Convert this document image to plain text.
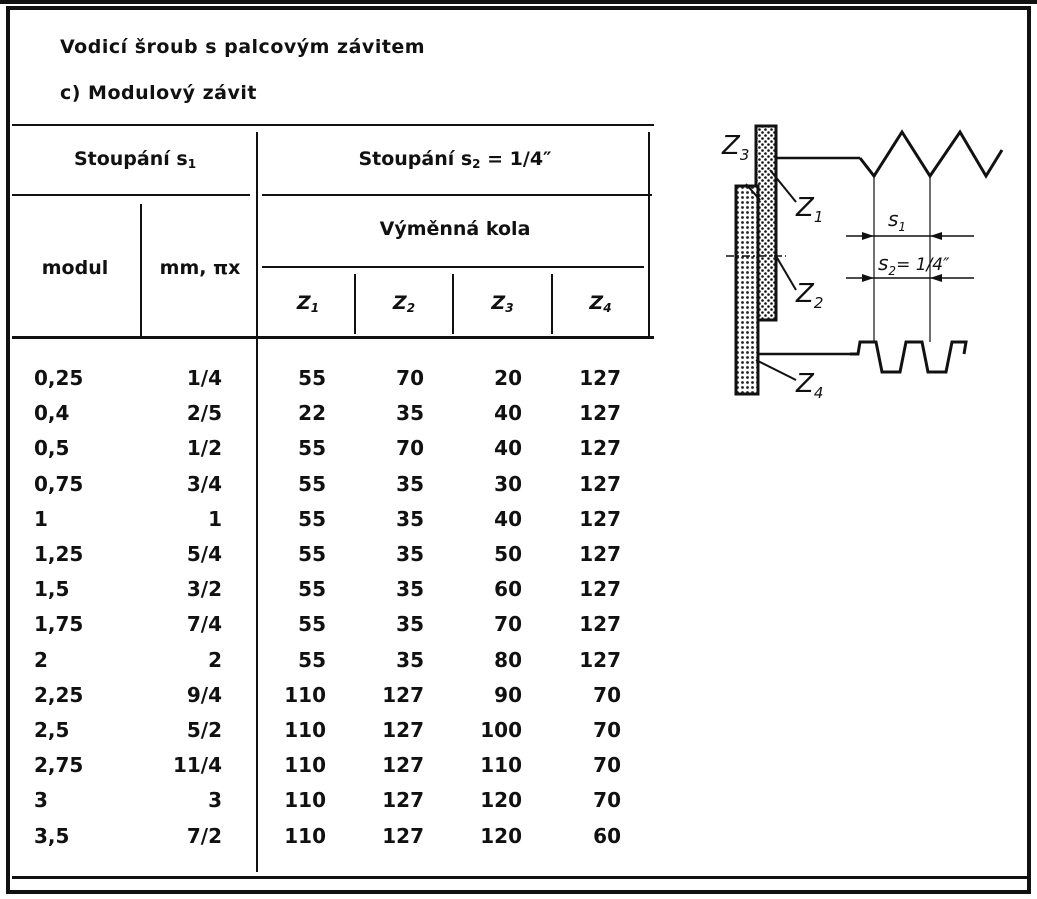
Vodicí šroub s palcovým závitem
c) Modulový závit
Stoupání $s_1$	Stoupání $s_2 = 1/4''$
modul	mm, πx
Výměnná kola
$Z_1$	$Z_2$	$Z_3$	$Z_4$
0,25	1/4	55	70	20	127
0,4	2/5	22	35	40	127
0,5	1/2	55	70	40	127
0,75	3/4	55	35	30	127
1	1	55	35	40	127
1,25	5/4	55	35	50	127
1,5	3/2	55	35	60	127
1,75	7/4	55	35	70	127
2	2	55	35	80	127
2,25	9/4	110	127	90	70
2,5	5/2	110	127	100	70
2,75	11/4	110	127	110	70
3	3	110	127	120	70
3,5	7/2	110	127	120	60
$Z_3$
$Z_1$
$Z_2$
$Z_4$
$s_1$
$s_2^{= 1/4''}$
